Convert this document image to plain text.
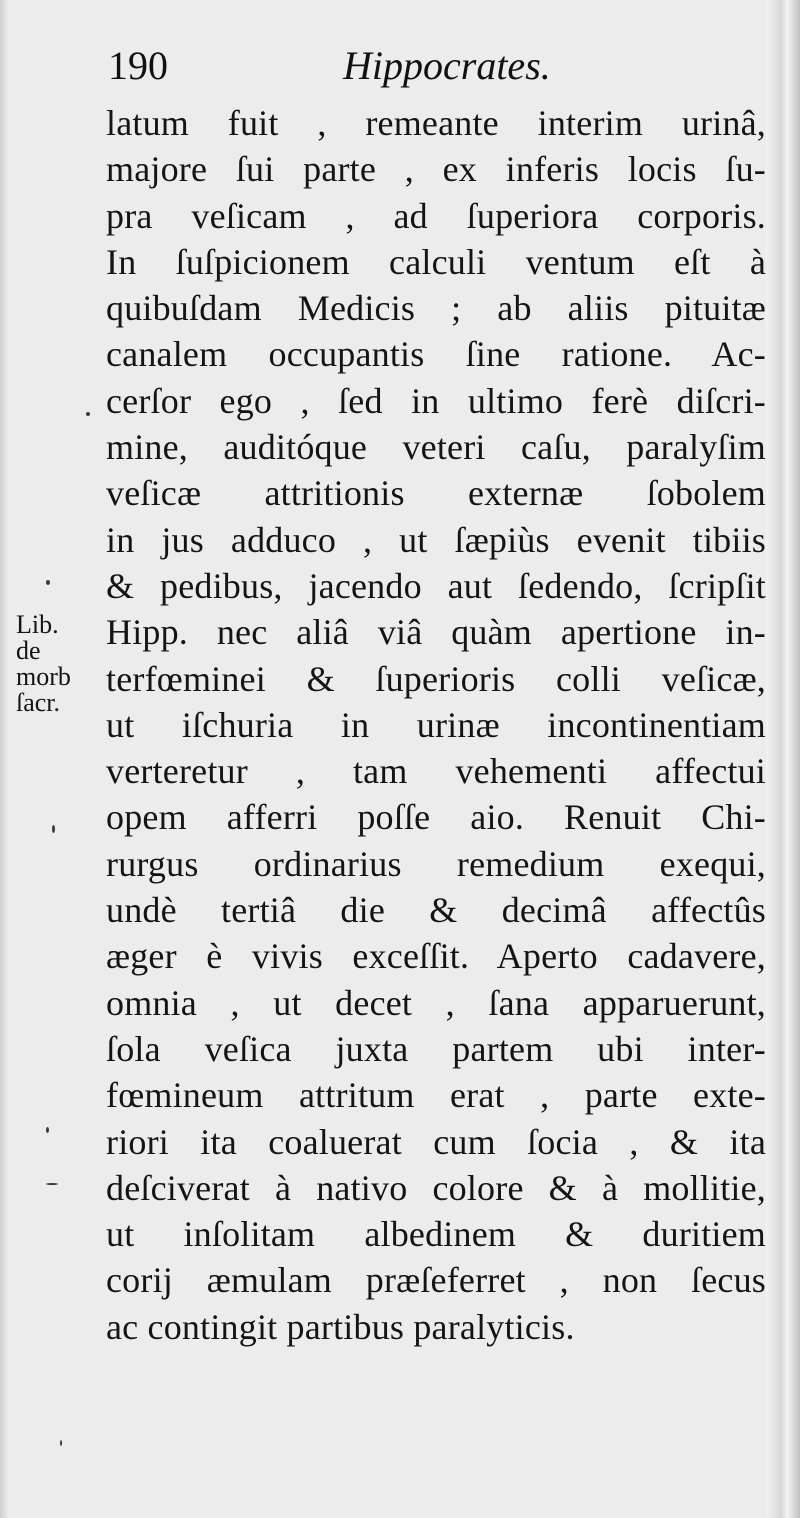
190	Hippocrates.
latum fuit , remeante interim urinâ,
majore ſui parte , ex inferis locis ſu-
pra veſicam , ad ſuperiora corporis.
In ſuſpicionem calculi ventum eſt à
quibuſdam Medicis ; ab aliis pituitæ
canalem occupantis ſine ratione. Ac-
cerſor ego , ſed in ultimo ferè diſcri-
mine, auditóque veteri caſu, paralyſim
veſicæ attritionis externæ ſobolem
in jus adduco , ut ſæpiùs evenit tibiis
& pedibus, jacendo aut ſedendo, ſcripſit
Hipp. nec aliâ viâ quàm apertione in-
terfœminei & ſuperioris colli veſicæ,
ut iſchuria in urinæ incontinentiam
verteretur , tam vehementi affectui
opem afferri poſſe aio. Renuit Chi-
rurgus ordinarius remedium exequi,
undè tertiâ die & decimâ affectûs
æger è vivis exceſſit. Aperto cadavere,
omnia , ut decet , ſana apparuerunt,
ſola veſica juxta partem ubi inter-
fœmineum attritum erat , parte exte-
riori ita coaluerat cum ſocia , & ita
deſciverat à nativo colore & à mollitie,
ut inſolitam albedinem & duritiem
corij æmulam præſeferret , non ſecus
ac contingit partibus paralyticis.
Lib.
de
morb
ſacr.
